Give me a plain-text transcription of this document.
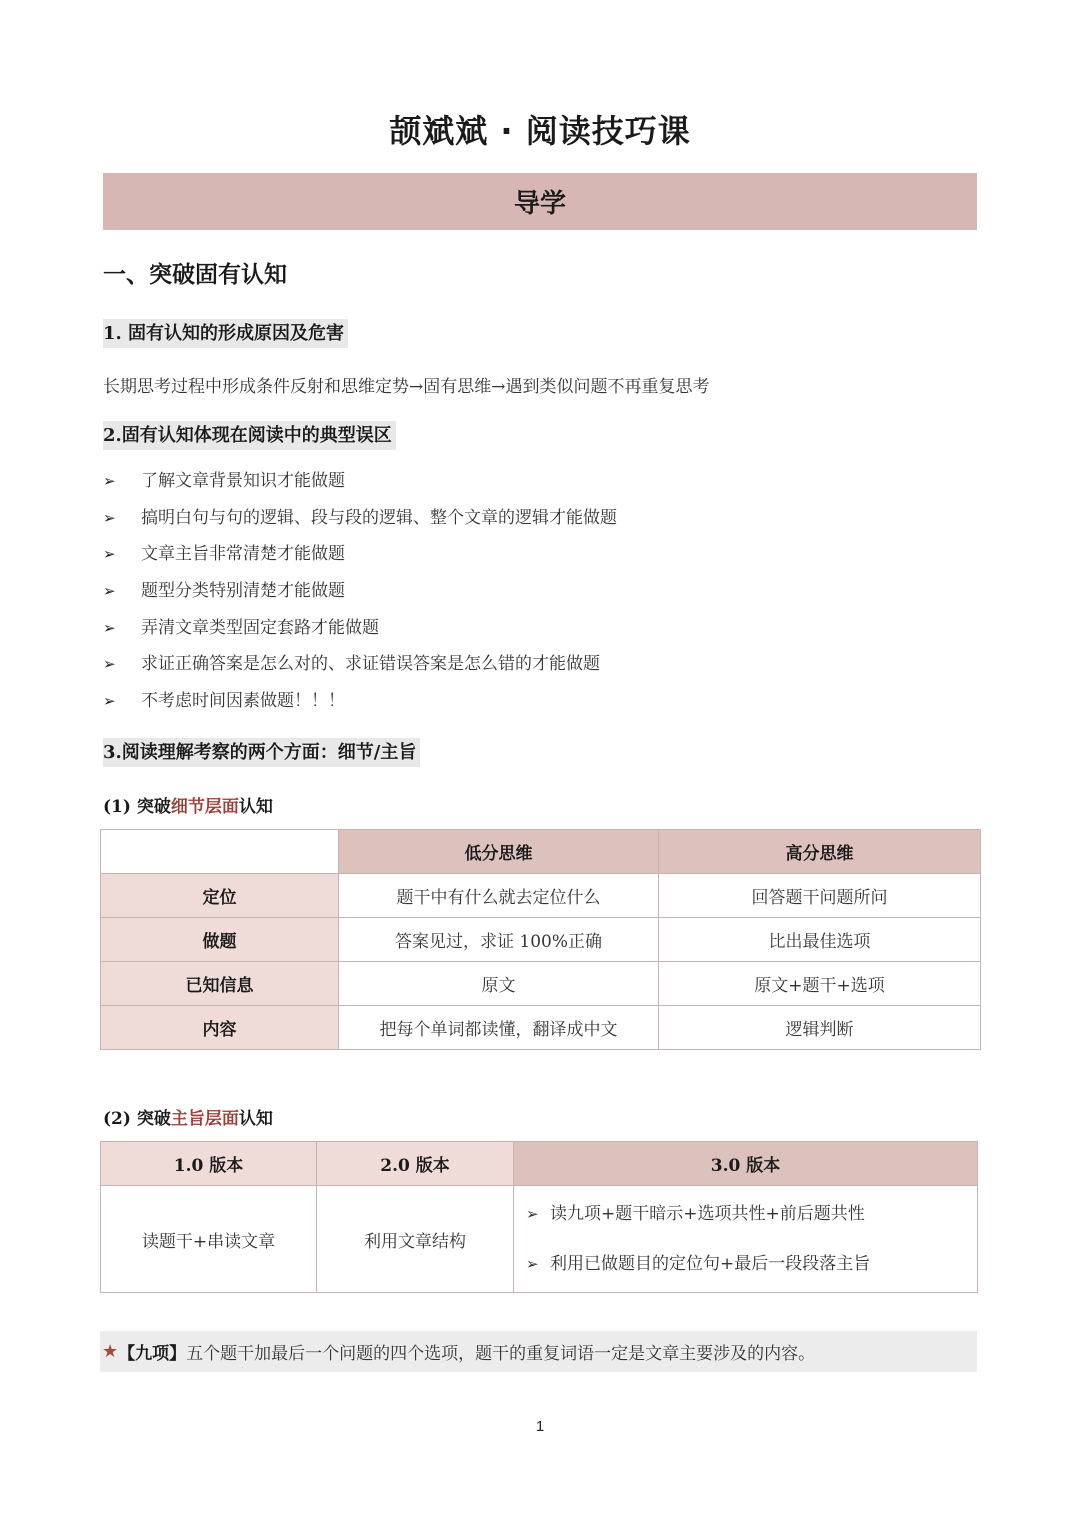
颉斌斌 · 阅读技巧课
导学
一、突破固有认知
1. 固有认知的形成原因及危害
长期思考过程中形成条件反射和思维定势→固有思维→遇到类似问题不再重复思考
2.固有认知体现在阅读中的典型误区
➢	了解文章背景知识才能做题
➢	搞明白句与句的逻辑、段与段的逻辑、整个文章的逻辑才能做题
➢	文章主旨非常清楚才能做题
➢	题型分类特别清楚才能做题
➢	弄清文章类型固定套路才能做题
➢	求证正确答案是怎么对的、求证错误答案是怎么错的才能做题
➢	不考虑时间因素做题！！！
3.阅读理解考察的两个方面：细节/主旨
(1) 突破细节层面认知
	低分思维	高分思维
定位	题干中有什么就去定位什么	回答题干问题所问
做题	答案见过，求证 100%正确	比出最佳选项
已知信息	原文	原文+题干+选项
内容	把每个单词都读懂，翻译成中文	逻辑判断
(2) 突破主旨层面认知
1.0 版本	2.0 版本	3.0 版本
读题干+串读文章	利用文章结构	➢ 读九项+题干暗示+选项共性+前后题共性
➢ 利用已做题目的定位句+最后一段段落主旨
★ 【九项】 五个题干加最后一个问题的四个选项，题干的重复词语一定是文章主要涉及的内容。
1
